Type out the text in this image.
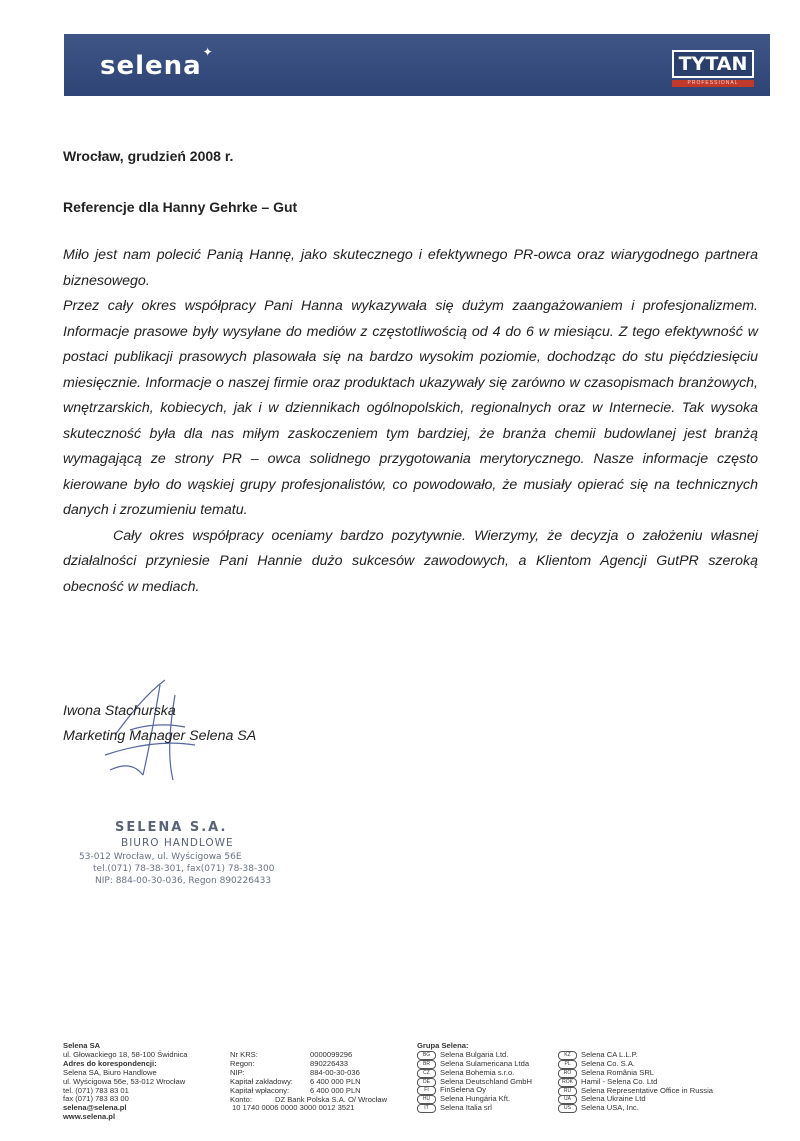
selena ✦
TYTAN
PROFESSIONAL
Wrocław, grudzień 2008 r.
Referencje dla Hanny Gehrke – Gut

Miło jest nam polecić Panią Hannę, jako skutecznego i efektywnego PR-owca oraz wiarygodnego partnera biznesowego.

Przez cały okres współpracy Pani Hanna wykazywała się dużym zaangażowaniem i profesjonalizmem. Informacje prasowe były wysyłane do mediów z częstotliwością od 4 do 6 w miesiącu. Z tego efektywność w postaci publikacji prasowych plasowała się na bardzo wysokim poziomie, dochodząc do stu pięćdziesięciu miesięcznie. Informacje o naszej firmie oraz produktach ukazywały się zarówno w czasopismach branżowych, wnętrzarskich, kobiecych, jak i w dziennikach ogólnopolskich, regionalnych oraz w Internecie. Tak wysoka skuteczność była dla nas miłym zaskoczeniem tym bardziej, że branża chemii budowlanej jest branżą wymagającą ze strony PR – owca solidnego przygotowania merytorycznego. Nasze informacje często kierowane było do wąskiej grupy profesjonalistów, co powodowało, że musiały opierać się na technicznych danych i zrozumieniu tematu.

Cały okres współpracy oceniamy bardzo pozytywnie. Wierzymy, że decyzja o założeniu własnej działalności przyniesie Pani Hannie dużo sukcesów zawodowych, a Klientom Agencji GutPR szeroką obecność w mediach.

Iwona Stachurska
Marketing Manager Selena SA
SELENA S.A.
BIURO HANDLOWE
53-012 Wrocław, ul. Wyścigowa 56E
tel.(071) 78-38-301, fax(071) 78-38-300
NIP: 884-00-30-036, Regon 890226433
Selena SA
ul. Głowackiego 18, 58-100 Świdnica
Adres do korespondencji:
Selena SA, Biuro Handlowe
ul. Wyścigowa 56e, 53-012 Wrocław
tel. (071) 783 83 01
fax (071) 783 83 00
selena@selena.pl
www.selena.pl
Nr KRS:	0000099296
Regon:	890226433
NIP:	884-00-30-036
Kapitał zakładowy:	6 400 000 PLN
Kapitał wpłacony:	6 400 000 PLN
Konto:	DZ Bank Polska S.A. O/ Wrocław
10 1740 0006 0000 3000 0012 3521
Grupa Selena:
BG	Selena Bulgaria Ltd.
BR	Selena Sulamericana Ltda
CZ	Selena Bohemia s.r.o.
DE	Selena Deutschland GmbH
FI	FinSelena Oy
HU	Selena Hungária Kft.
IT	Selena Italia srl
KZ	Selena CA L.L.P.
PL	Selena Co. S.A.
RO	Selena România SRL
ROK	Hamil - Selena Co. Ltd
RU	Selena Representative Office in Russia
UA	Selena Ukraine Ltd
US	Selena USA, Inc.
